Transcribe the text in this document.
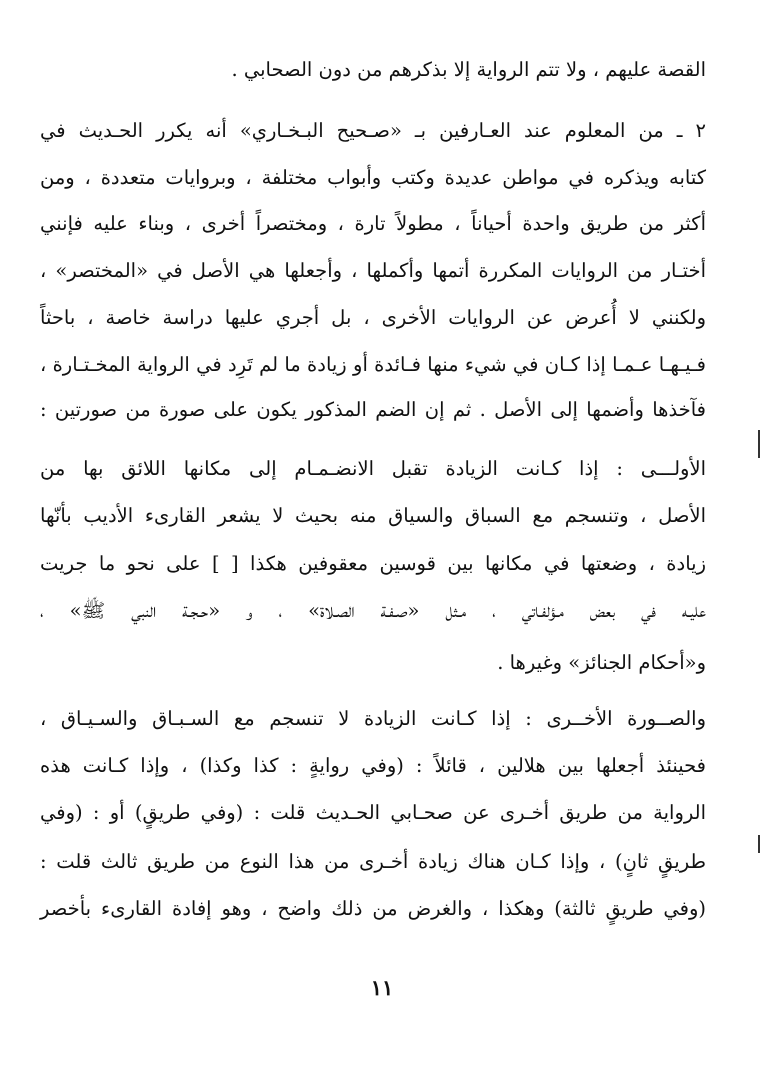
القصة عليهم ، ولا تتم الرواية إلا بذكرهم من دون الصحابي .
٢ ـ من المعلوم عند العـارفين بـ «صـحيح البـخـاري» أنه يكرر الحـديث في
كتابه ويذكره في مواطن عديدة وكتب وأبواب مختلفة ، وبروايات متعددة ، ومن
أكثر من طريق واحدة أحياناً ، مطولاً تارة ، ومختصراً أخرى ، وبناء عليه فإنني
أختـار من الروايات المكررة أتمها وأكملها ، وأجعلها هي الأصل في «المختصر» ،
ولكنني لا أُعرض عن الروايات الأخرى ، بل أجري عليها دراسة خاصة ، باحثاً
فـيـهـا عـمـا إذا كـان في شيء منها فـائدة أو زيادة ما لم تَرِد في الرواية المخـتـارة ،
فآخذها وأضمها إلى الأصل . ثم إن الضم المذكور يكون على صورة من صورتين :
الأولـــى : إذا كـانت الزيادة تقبل الانضـمـام إلى مكانها اللائق بها من
الأصل ، وتنسجم مع السباق والسياق منه بحيث لا يشعر القارىء الأديب بأنّها
زيادة ، وضعتها في مكانها بين قوسين معقوفين هكذا [ ] على نحو ما جريت
عليـه في بعض مـؤلفـاتي ، مـثل «صـفـة الصـلاة» ، و «حـجـة النبي ﷺ» ،
و«أحكام الجنائز» وغيرها .
والصــورة الأخــرى : إذا كـانت الزيادة لا تنسجم مع السـبـاق والسـيـاق ،
فحينئذ أجعلها بين هلالين ، قائلاً : (وفي روايةٍ : كذا وكذا) ، وإذا كـانت هذه
الرواية من طريق أخـرى عن صحـابي الحـديث قلت : (وفي طريقٍ) أو : (وفي
طريقٍ ثانٍ) ، وإذا كـان هناك زيادة أخـرى من هذا النوع من طريق ثالث قلت :
(وفي طريقٍ ثالثة) وهكذا ، والغرض من ذلك واضح ، وهو إفادة القارىء بأخصر
١١
